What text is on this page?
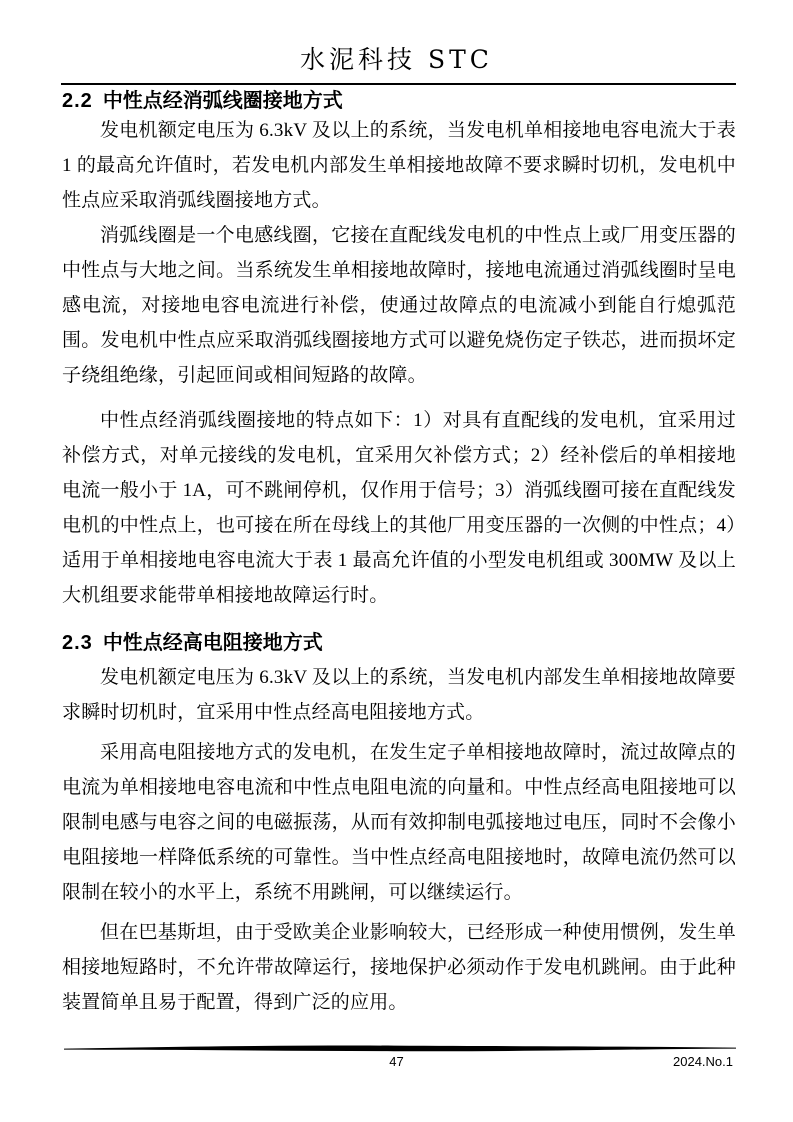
水泥科技 STC
2.2 中性点经消弧线圈接地方式

发电机额定电压为 6.3kV 及以上的系统，当发电机单相接地电容电流大于表 1 的最高允许值时，若发电机内部发生单相接地故障不要求瞬时切机，发电机中性点应采取消弧线圈接地方式。

消弧线圈是一个电感线圈，它接在直配线发电机的中性点上或厂用变压器的中性点与大地之间。当系统发生单相接地故障时，接地电流通过消弧线圈时呈电感电流，对接地电容电流进行补偿，使通过故障点的电流减小到能自行熄弧范围。发电机中性点应采取消弧线圈接地方式可以避免烧伤定子铁芯，进而损坏定子绕组绝缘，引起匝间或相间短路的故障。

中性点经消弧线圈接地的特点如下：1）对具有直配线的发电机，宜采用过补偿方式，对单元接线的发电机，宜采用欠补偿方式；2）经补偿后的单相接地电流一般小于 1A，可不跳闸停机，仅作用于信号；3）消弧线圈可接在直配线发电机的中性点上，也可接在所在母线上的其他厂用变压器的一次侧的中性点；4）适用于单相接地电容电流大于表 1 最高允许值的小型发电机组或 300MW 及以上大机组要求能带单相接地故障运行时。

2.3 中性点经高电阻接地方式

发电机额定电压为 6.3kV 及以上的系统，当发电机内部发生单相接地故障要求瞬时切机时，宜采用中性点经高电阻接地方式。

采用高电阻接地方式的发电机，在发生定子单相接地故障时，流过故障点的电流为单相接地电容电流和中性点电阻电流的向量和。中性点经高电阻接地可以限制电感与电容之间的电磁振荡，从而有效抑制电弧接地过电压，同时不会像小电阻接地一样降低系统的可靠性。当中性点经高电阻接地时，故障电流仍然可以限制在较小的水平上，系统不用跳闸，可以继续运行。

但在巴基斯坦，由于受欧美企业影响较大，已经形成一种使用惯例，发生单相接地短路时，不允许带故障运行，接地保护必须动作于发电机跳闸。由于此种装置简单且易于配置，得到广泛的应用。

47	2024.No.1
